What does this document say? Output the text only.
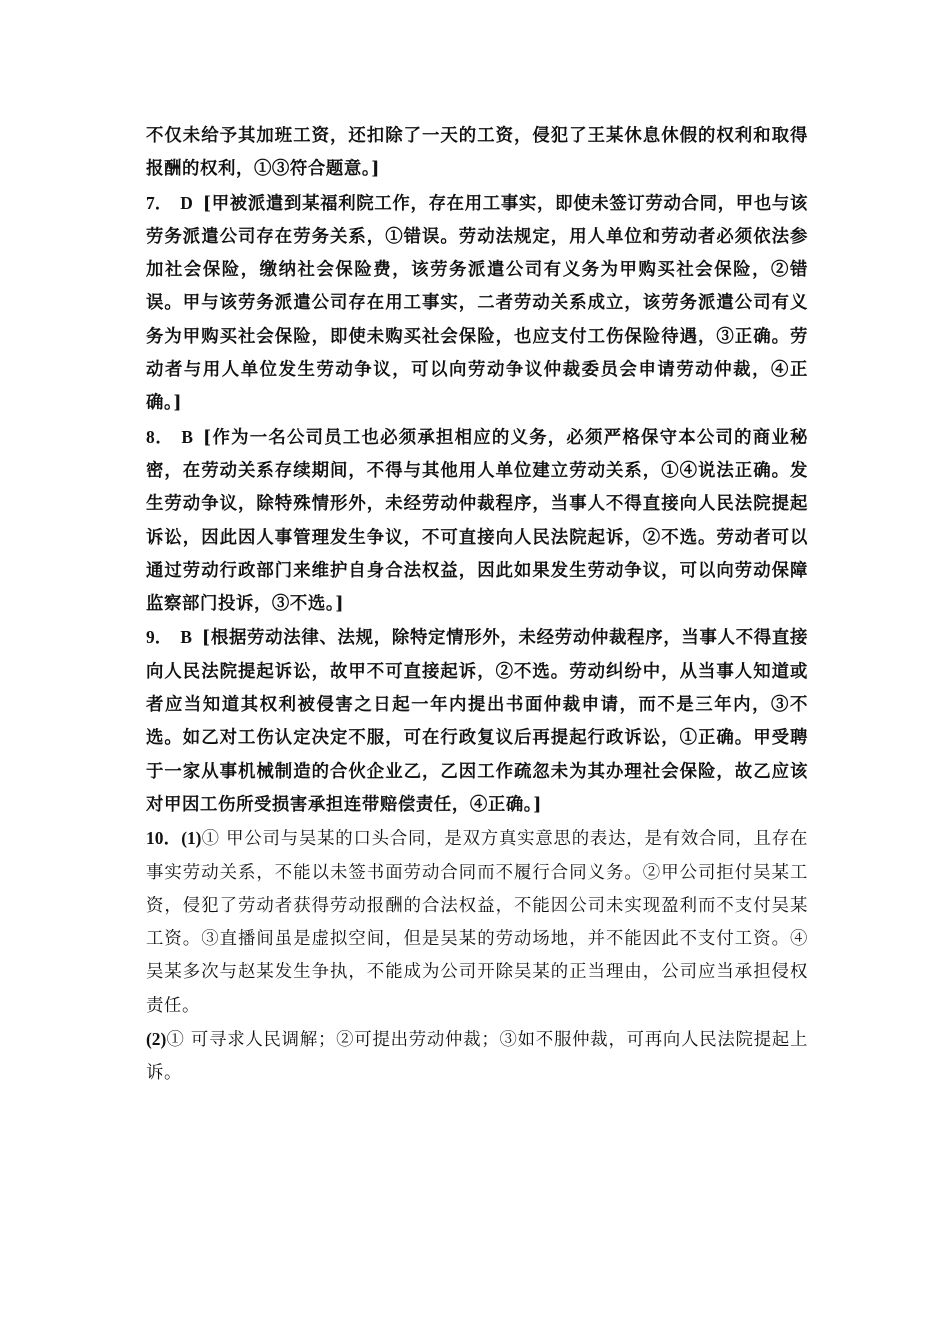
不仅未给予其加班工资，还扣除了一天的工资，侵犯了王某休息休假的权利和取得报酬的权利，①③符合题意。]

7． D [甲被派遣到某福利院工作，存在用工事实，即使未签订劳动合同，甲也与该劳务派遣公司存在劳务关系，①错误。劳动法规定，用人单位和劳动者必须依法参加社会保险，缴纳社会保险费，该劳务派遣公司有义务为甲购买社会保险，②错误。甲与该劳务派遣公司存在用工事实，二者劳动关系成立，该劳务派遣公司有义务为甲购买社会保险，即使未购买社会保险，也应支付工伤保险待遇，③正确。劳动者与用人单位发生劳动争议，可以向劳动争议仲裁委员会申请劳动仲裁，④正确。]

8． B [作为一名公司员工也必须承担相应的义务，必须严格保守本公司的商业秘密，在劳动关系存续期间，不得与其他用人单位建立劳动关系，①④说法正确。发生劳动争议，除特殊情形外，未经劳动仲裁程序，当事人不得直接向人民法院提起诉讼，因此因人事管理发生争议，不可直接向人民法院起诉，②不选。劳动者可以通过劳动行政部门来维护自身合法权益，因此如果发生劳动争议，可以向劳动保障监察部门投诉，③不选。]

9． B [根据劳动法律、法规，除特定情形外，未经劳动仲裁程序，当事人不得直接向人民法院提起诉讼，故甲不可直接起诉，②不选。劳动纠纷中，从当事人知道或者应当知道其权利被侵害之日起一年内提出书面仲裁申请，而不是三年内，③不选。如乙对工伤认定决定不服，可在行政复议后再提起行政诉讼，①正确。甲受聘于一家从事机械制造的合伙企业乙，乙因工作疏忽未为其办理社会保险，故乙应该对甲因工伤所受损害承担连带赔偿责任，④正确。]

10．(1)① 甲公司与吴某的口头合同，是双方真实意思的表达，是有效合同，且存在事实劳动关系，不能以未签书面劳动合同而不履行合同义务。②甲公司拒付吴某工资，侵犯了劳动者获得劳动报酬的合法权益，不能因公司未实现盈利而不支付吴某工资。③直播间虽是虚拟空间，但是吴某的劳动场地，并不能因此不支付工资。④吴某多次与赵某发生争执，不能成为公司开除吴某的正当理由，公司应当承担侵权责任。

(2)① 可寻求人民调解；②可提出劳动仲裁；③如不服仲裁，可再向人民法院提起上诉。
